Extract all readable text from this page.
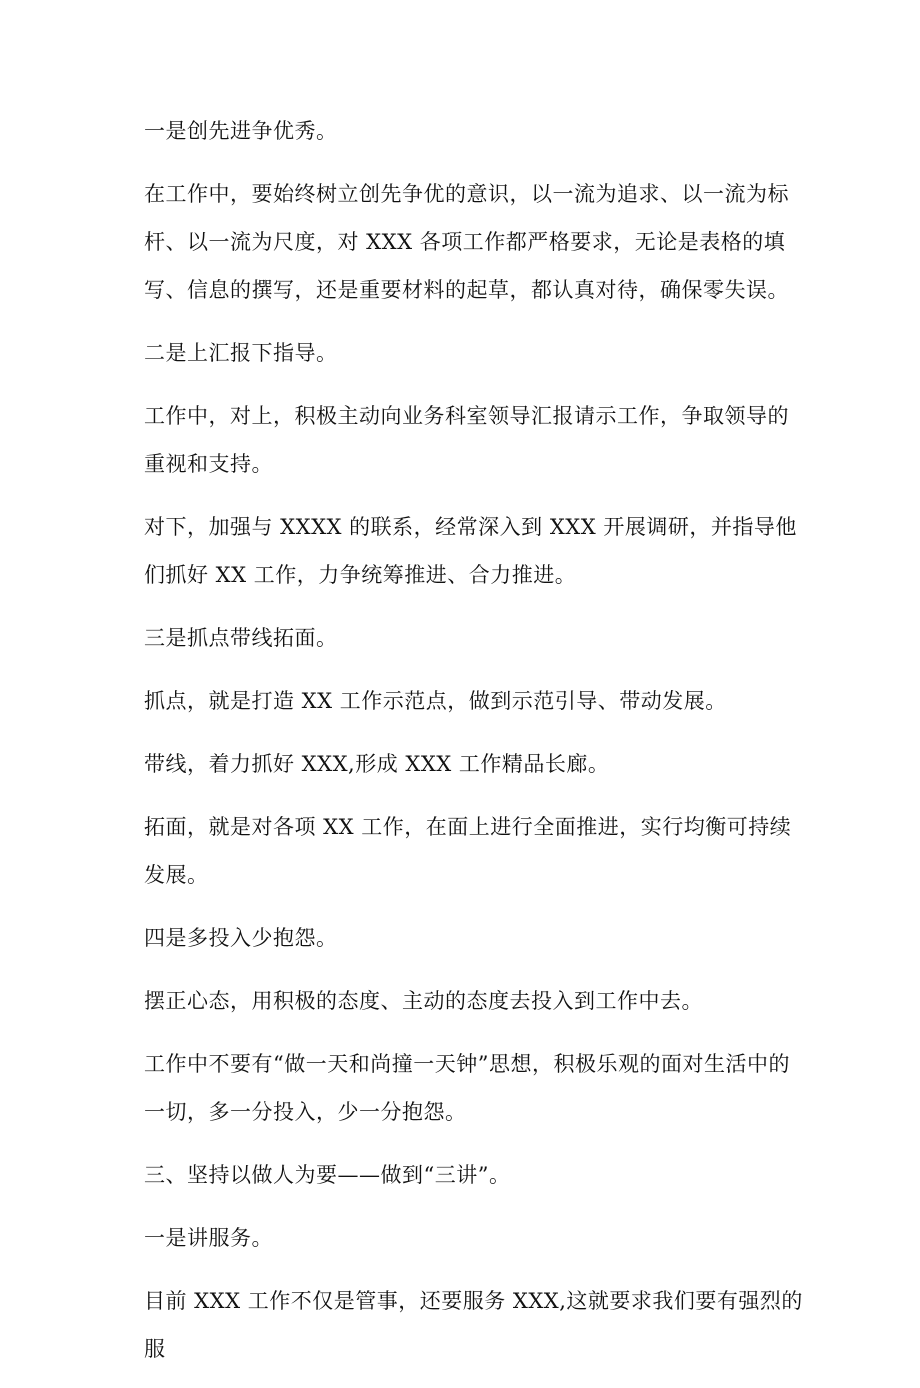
一是创先进争优秀。

在工作中，要始终树立创先争优的意识，以一流为追求、以一流为标杆、以一流为尺度，对 XXX 各项工作都严格要求，无论是表格的填写、信息的撰写，还是重要材料的起草，都认真对待，确保零失误。

二是上汇报下指导。

工作中，对上，积极主动向业务科室领导汇报请示工作，争取领导的重视和支持。

对下，加强与 XXXX 的联系，经常深入到 XXX 开展调研，并指导他们抓好 XX 工作，力争统筹推进、合力推进。

三是抓点带线拓面。

抓点，就是打造 XX 工作示范点，做到示范引导、带动发展。

带线，着力抓好 XXX,形成 XXX 工作精品长廊。

拓面，就是对各项 XX 工作，在面上进行全面推进，实行均衡可持续发展。

四是多投入少抱怨。

摆正心态，用积极的态度、主动的态度去投入到工作中去。

工作中不要有“做一天和尚撞一天钟”思想，积极乐观的面对生活中的一切，多一分投入，少一分抱怨。

三、坚持以做人为要——做到“三讲”。

一是讲服务。

目前 XXX 工作不仅是管事，还要服务 XXX,这就要求我们要有强烈的服
